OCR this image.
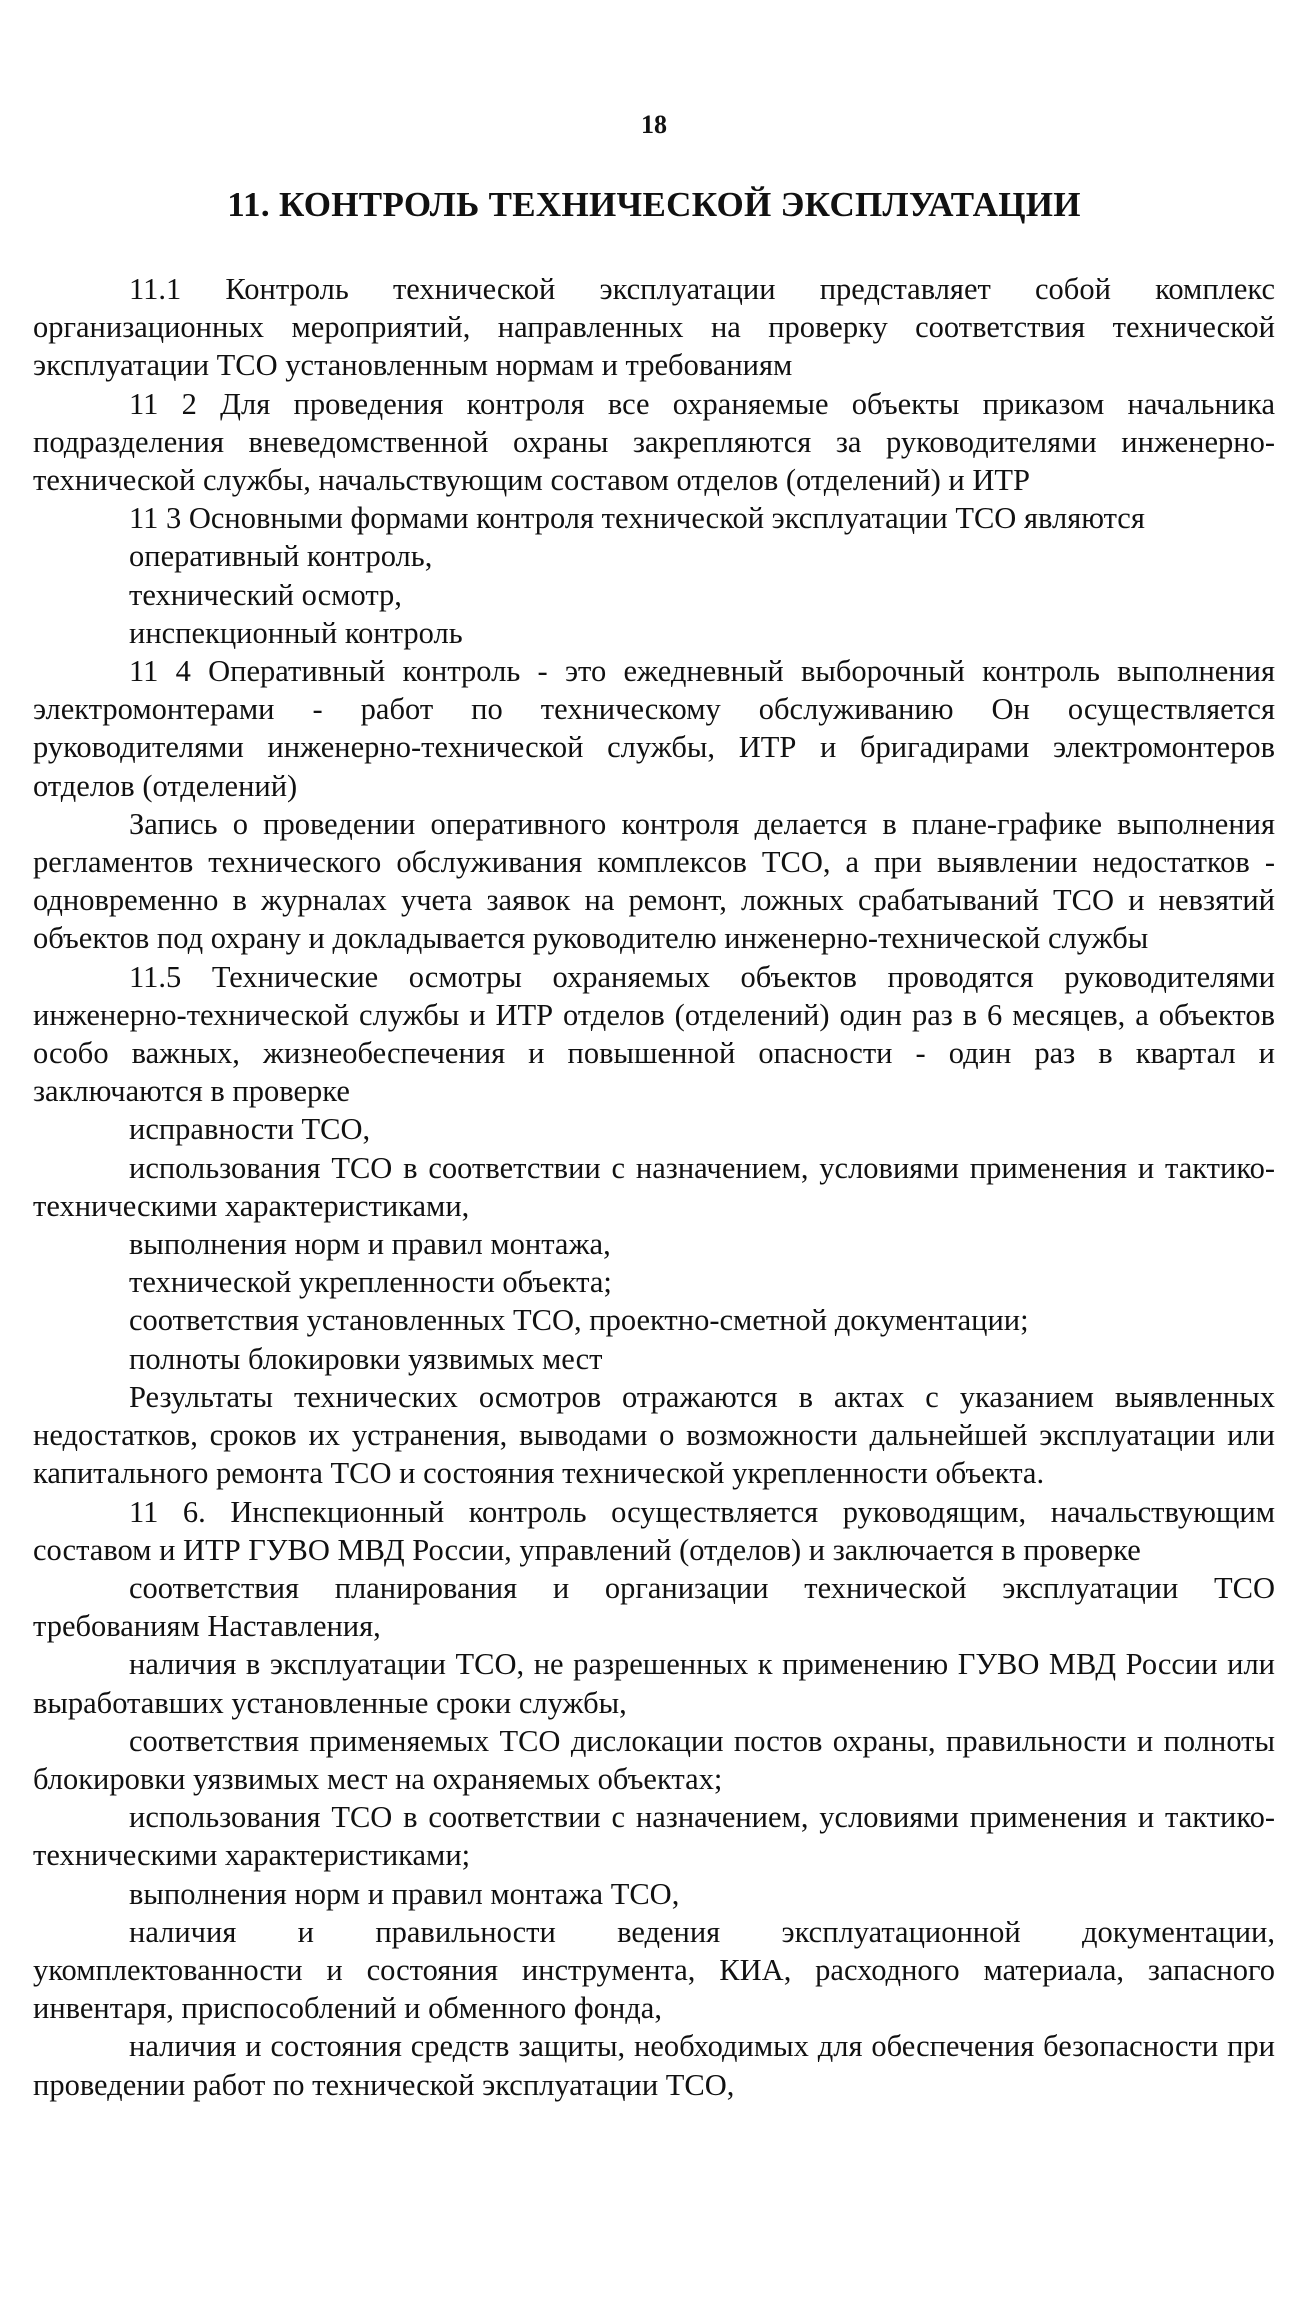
18
11. КОНТРОЛЬ ТЕХНИЧЕСКОЙ ЭКСПЛУАТАЦИИ

11.1 Контроль технической эксплуатации представляет собой комплекс организационных мероприятий, направленных на проверку соответствия технической эксплуатации ТСО установленным нормам и требованиям

11 2 Для проведения контроля все охраняемые объекты приказом начальника подразделения вневедомственной охраны закрепляются за руководителями инженерно-технической службы, начальствующим составом отделов (отделений) и ИТР

11 3 Основными формами контроля технической эксплуатации ТСО являются

оперативный контроль,

технический осмотр,

инспекционный контроль

11 4 Оперативный контроль - это ежедневный выборочный контроль выполнения электромонтерами - работ по техническому обслуживанию Он осуществляется руководителями инженерно-технической службы, ИТР и бригадирами электромонтеров отделов (отделений)

Запись о проведении оперативного контроля делается в плане-графике выполнения регламентов технического обслуживания комплексов ТСО, а при выявлении недостатков - одновременно в журналах учета заявок на ремонт, ложных срабатываний ТСО и невзятий объектов под охрану и докладывается руководителю инженерно-технической службы

11.5 Технические осмотры охраняемых объектов проводятся руководителями инженерно-технической службы и ИТР отделов (отделений) один раз в 6 месяцев, а объектов особо важных, жизнеобеспечения и повышенной опасности - один раз в квартал и заключаются в проверке

исправности ТСО,

использования ТСО в соответствии с назначением, условиями применения и тактико-техническими характеристиками,

выполнения норм и правил монтажа,

технической укрепленности объекта;

соответствия установленных ТСО, проектно-сметной документации;

полноты блокировки уязвимых мест

Результаты технических осмотров отражаются в актах с указанием выявленных недостатков, сроков их устранения, выводами о возможности дальнейшей эксплуатации или капитального ремонта ТСО и состояния технической укрепленности объекта.

11 6. Инспекционный контроль осуществляется руководящим, начальствующим составом и ИТР ГУВО МВД России, управлений (отделов) и заключается в проверке

соответствия планирования и организации технической эксплуатации ТСО требованиям Наставления,

наличия в эксплуатации ТСО, не разрешенных к применению ГУВО МВД России или выработавших установленные сроки службы,

соответствия применяемых ТСО дислокации постов охраны, правильности и полноты блокировки уязвимых мест на охраняемых объектах;

использования ТСО в соответствии с назначением, условиями применения и тактико-техническими характеристиками;

выполнения норм и правил монтажа ТСО,

наличия и правильности ведения эксплуатационной документации, укомплектованности и состояния инструмента, КИА, расходного материала, запасного инвентаря, приспособлений и обменного фонда,

наличия и состояния средств защиты, необходимых для обеспечения безопасности при проведении работ по технической эксплуатации ТСО,
